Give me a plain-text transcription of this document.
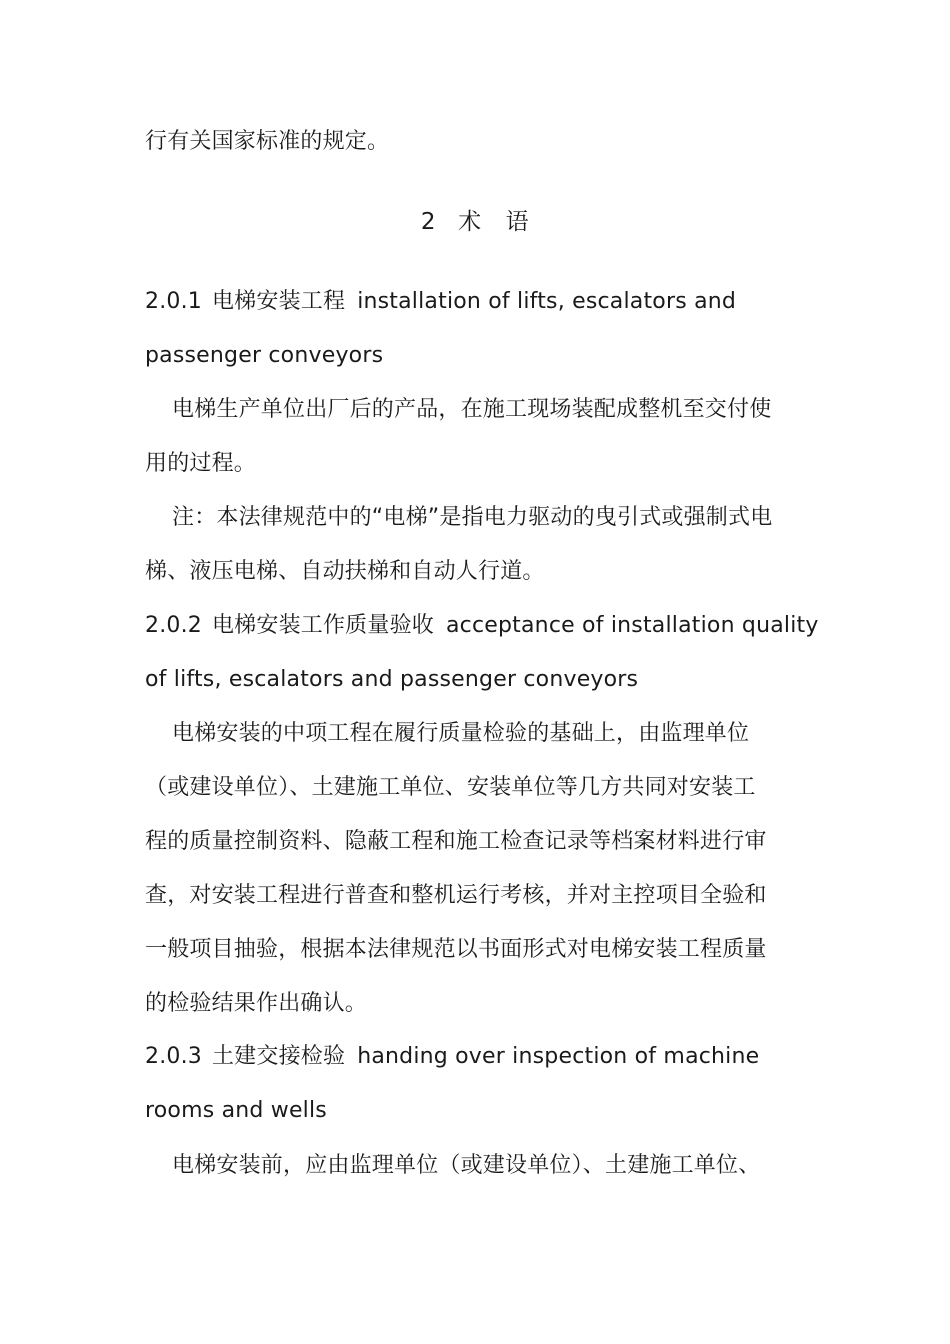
行有关国家标准的规定。
2 术 语
2.0.1 电梯安装工程 installation of lifts, escalators and
passenger conveyors
电梯生产单位出厂后的产品，在施工现场装配成整机至交付使
用的过程。
注：本法律规范中的“电梯”是指电力驱动的曳引式或强制式电
梯、液压电梯、自动扶梯和自动人行道。
2.0.2 电梯安装工作质量验收 acceptance of installation quality
of lifts, escalators and passenger conveyors
电梯安装的中项工程在履行质量检验的基础上，由监理单位
（或建设单位）、土建施工单位、安装单位等几方共同对安装工
程的质量控制资料、隐蔽工程和施工检查记录等档案材料进行审
查，对安装工程进行普查和整机运行考核，并对主控项目全验和
一般项目抽验，根据本法律规范以书面形式对电梯安装工程质量
的检验结果作出确认。
2.0.3 土建交接检验 handing over inspection of machine
rooms and wells
电梯安装前，应由监理单位（或建设单位）、土建施工单位、
